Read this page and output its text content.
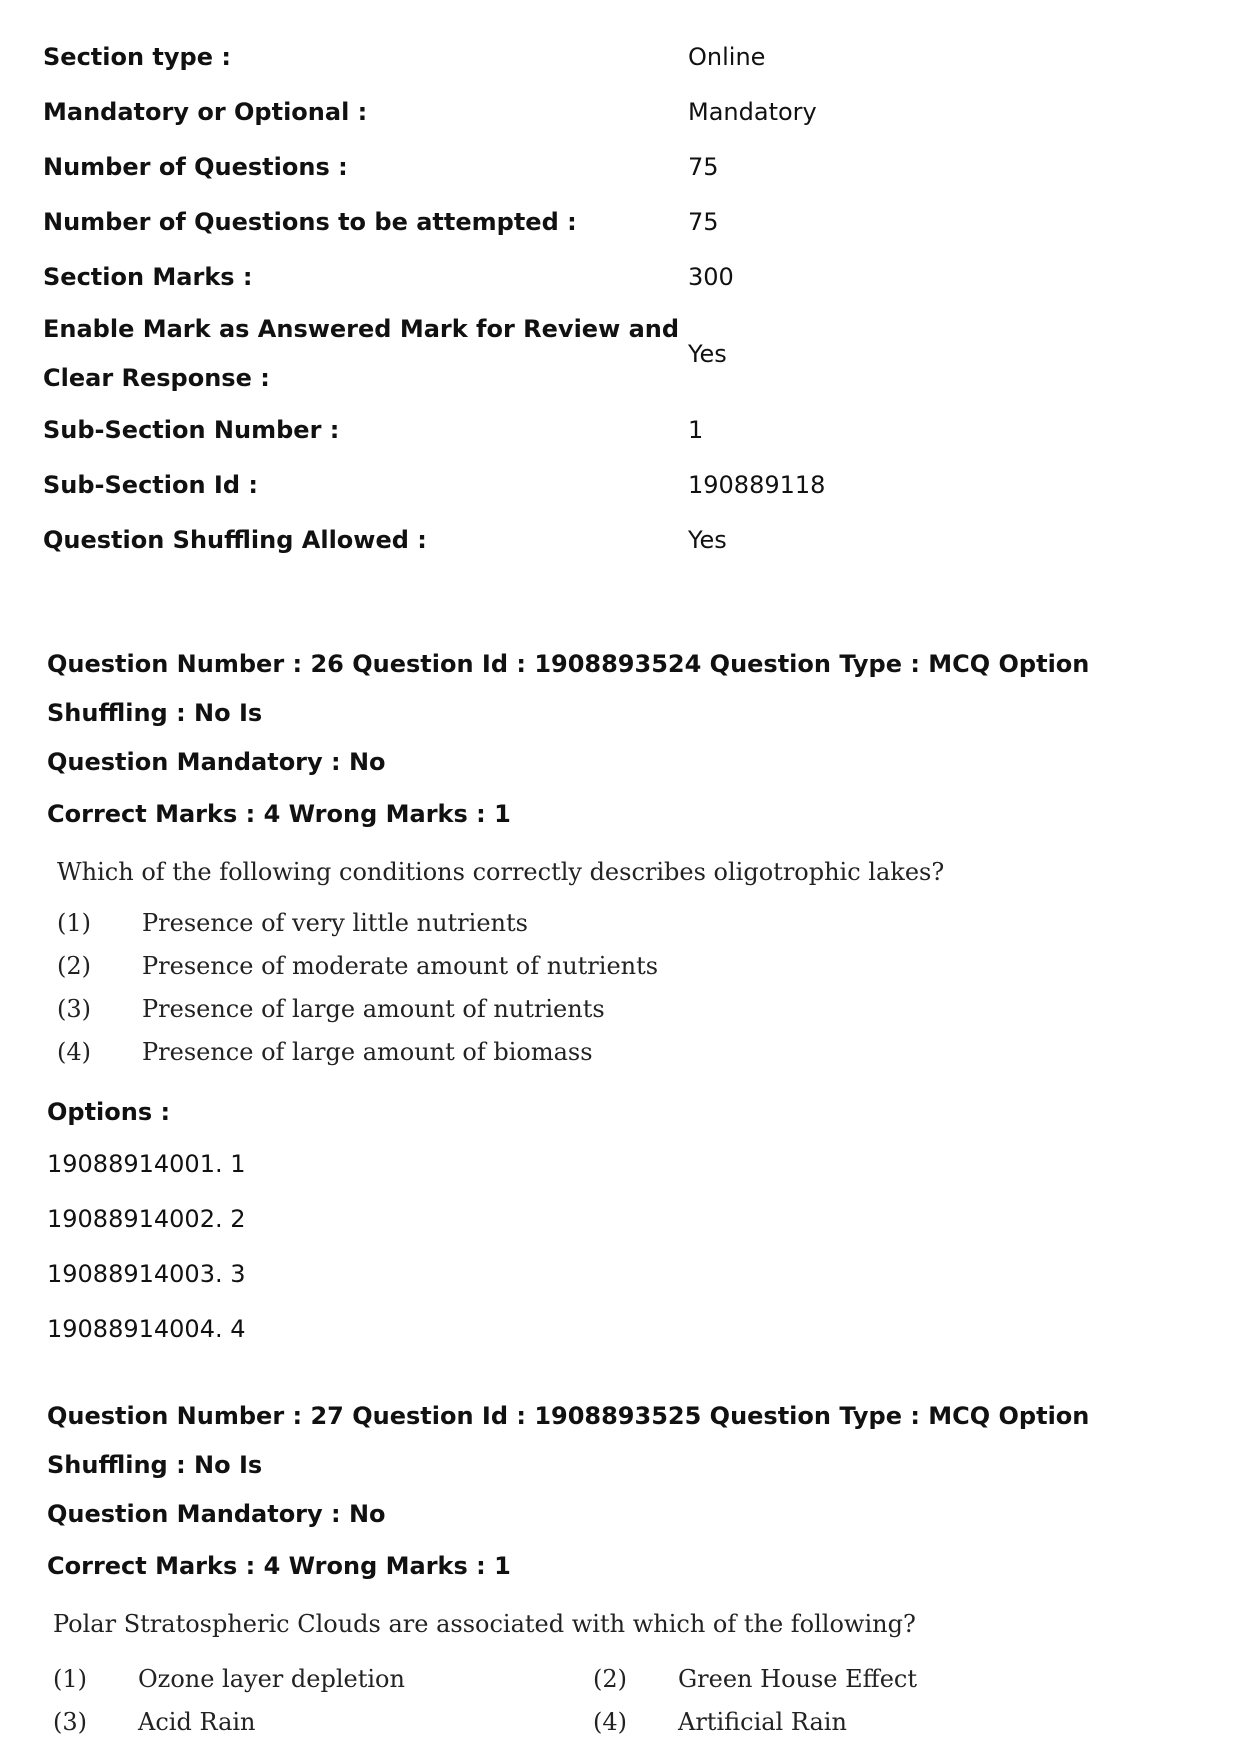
Section type :	Online
Mandatory or Optional :	Mandatory
Number of Questions :	75
Number of Questions to be attempted :	75
Section Marks :	300
Enable Mark as Answered Mark for Review and
Clear Response :
Yes
Sub-Section Number :	1
Sub-Section Id :	190889118
Question Shuffling Allowed :	Yes
Question Number : 26 Question Id : 1908893524 Question Type : MCQ Option Shuffling : No Is
Question Mandatory : No
Correct Marks : 4 Wrong Marks : 1
Which of the following conditions correctly describes oligotrophic lakes?
(1)	Presence of very little nutrients
(2)	Presence of moderate amount of nutrients
(3)	Presence of large amount of nutrients
(4)	Presence of large amount of biomass
Options :
19088914001. 1
19088914002. 2
19088914003. 3
19088914004. 4
Question Number : 27 Question Id : 1908893525 Question Type : MCQ Option Shuffling : No Is
Question Mandatory : No
Correct Marks : 4 Wrong Marks : 1
Polar Stratospheric Clouds are associated with which of the following?
(1)	Ozone layer depletion	(2)	Green House Effect
(3)	Acid Rain	(4)	Artificial Rain
